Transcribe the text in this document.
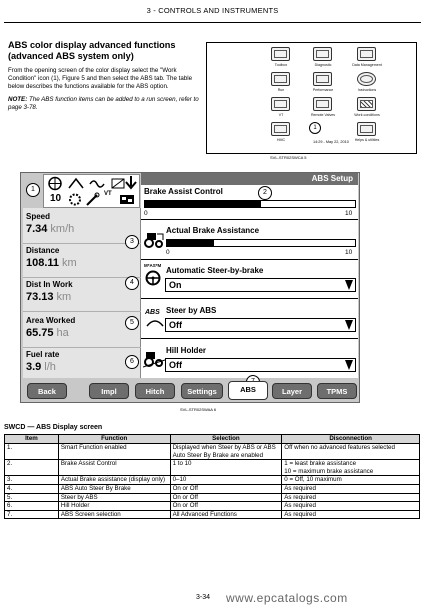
3 - CONTROLS AND INSTRUMENTS
ABS color display advanced functions (advanced ABS system only)

From the opening screen of the color display select the "Work Condition" icon (1), Figure 5 and then select the ABS tab. The table below describes the functions available for the ABS option.

NOTE: The ABS function items can be added to a run screen, refer to page 3-78.

Toolbox	Diagnostic	Data Management
Run	Performance	Instructions
VT	Remote Valves	Work conditions
HMC	Helps & utilities
14:29 - May 22, 2010
1
SVL-STR02SWCA 5
10	VT
ABS Setup
Speed
7.34 km/h
Distance
108.11 km
Dist In Work
73.13 km
Area Worked
65.75 ha
Fuel rate
3.9 l/h
Brake Assist Control
0	10
Actual Brake Assistance
0	10
M*AS*M
Automatic Steer-by-brake
On
ABS Steer by ABS
Off
Hill Holder
Off
1	2
3
4
5
6
Back	Impl	Hitch	Settings	ABS	Layer	TPMS
SVL-STR02SWAA 6
SWCD — ABS Display screen
Item	Function	Selection	Disconnection
1.	Smart Function enabled	Displayed when Steer by ABS or ABS Auto Steer By Brake are enabled	Off when no advanced features selected
2.	Brake Assist Control	1 to 10	1 = least brake assistance
10 = maximum brake assistance
3.	Actual Brake assistance (display only)	0–10	0 = Off, 10 maximum
4.	ABS Auto Steer By Brake	On or Off	As required
5.	Steer by ABS	On or Off	As required
6.	Hill Holder	On or Off	As required
7.	ABS Screen selection	All Advanced Functions	As required
3-34 www.epcatalogs.com
